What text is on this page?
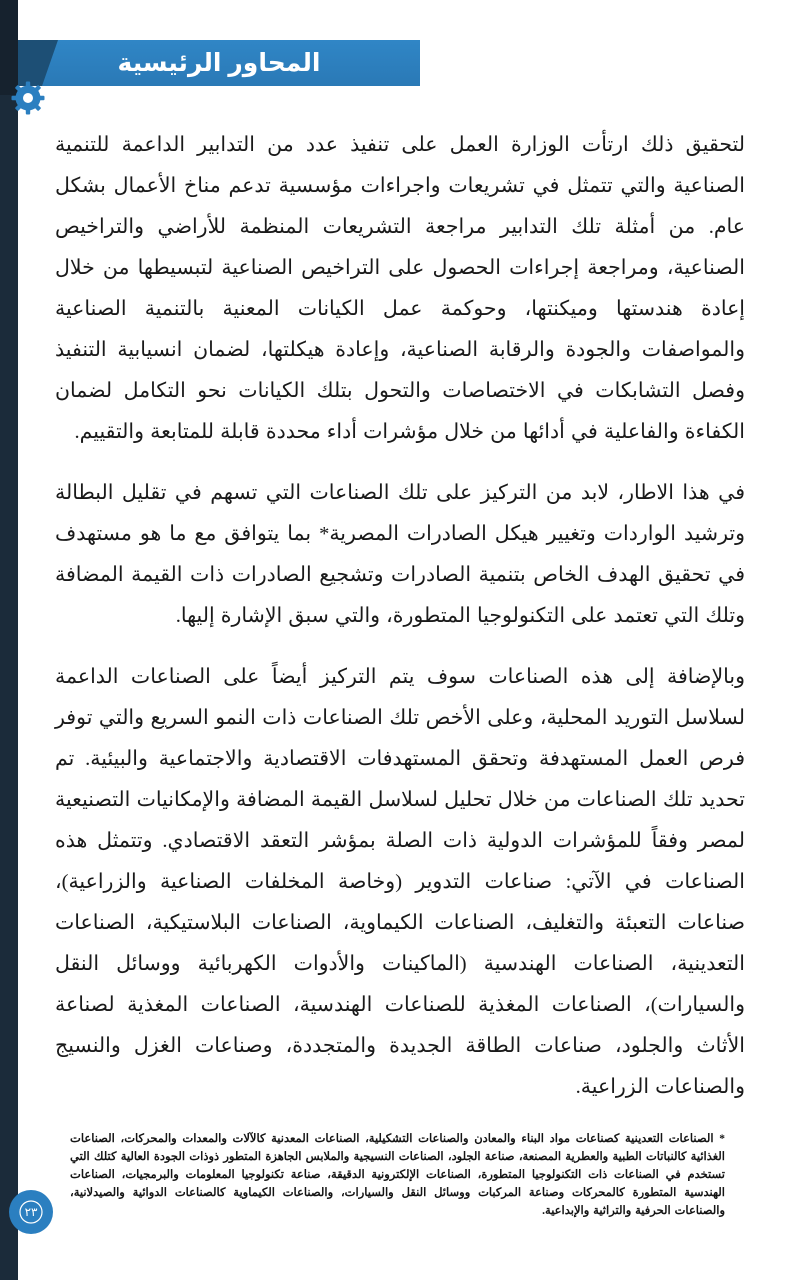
المحاور الرئيسية

لتحقيق ذلك ارتأت الوزارة العمل على تنفيذ عدد من التدابير الداعمة للتنمية الصناعية والتي تتمثل في تشريعات واجراءات مؤسسية تدعم مناخ الأعمال بشكل عام. من أمثلة تلك التدابير مراجعة التشريعات المنظمة للأراضي والتراخيص الصناعية، ومراجعة إجراءات الحصول على التراخيص الصناعية لتبسيطها من خلال إعادة هندستها وميكنتها، وحوكمة عمل الكيانات المعنية بالتنمية الصناعية والمواصفات والجودة والرقابة الصناعية، وإعادة هيكلتها، لضمان انسيابية التنفيذ وفصل التشابكات في الاختصاصات والتحول بتلك الكيانات نحو التكامل لضمان الكفاءة والفاعلية في أدائها من خلال مؤشرات أداء محددة قابلة للمتابعة والتقييم.

في هذا الاطار، لابد من التركيز على تلك الصناعات التي تسهم في تقليل البطالة وترشيد الواردات وتغيير هيكل الصادرات المصرية* بما يتوافق مع ما هو مستهدف في تحقيق الهدف الخاص بتنمية الصادرات وتشجيع الصادرات ذات القيمة المضافة وتلك التي تعتمد على التكنولوجيا المتطورة، والتي سبق الإشارة إليها.

وبالإضافة إلى هذه الصناعات سوف يتم التركيز أيضاً على الصناعات الداعمة لسلاسل التوريد المحلية، وعلى الأخص تلك الصناعات ذات النمو السريع والتي توفر فرص العمل المستهدفة وتحقق المستهدفات الاقتصادية والاجتماعية والبيئية. تم تحديد تلك الصناعات من خلال تحليل لسلاسل القيمة المضافة والإمكانيات التصنيعية لمصر وفقاً للمؤشرات الدولية ذات الصلة بمؤشر التعقد الاقتصادي. وتتمثل هذه الصناعات في الآتي: صناعات التدوير (وخاصة المخلفات الصناعية والزراعية)، صناعات التعبئة والتغليف، الصناعات الكيماوية، الصناعات البلاستيكية، الصناعات التعدينية، الصناعات الهندسية (الماكينات والأدوات الكهربائية ووسائل النقل والسيارات)، الصناعات المغذية للصناعات الهندسية، الصناعات المغذية لصناعة الأثاث والجلود، صناعات الطاقة الجديدة والمتجددة، وصناعات الغزل والنسيج والصناعات الزراعية.

* الصناعات التعدينية كصناعات مواد البناء والمعادن والصناعات التشكيلية، الصناعات المعدنية كالآلات والمعدات والمحركات، الصناعات الغذائية كالنباتات الطبية والعطرية المصنعة، صناعة الجلود، الصناعات النسيجية والملابس الجاهزة المتطور ذوذات الجودة العالية كتلك التي تستخدم في الصناعات ذات التكنولوجيا المتطورة، الصناعات الإلكترونية الدقيقة، صناعة تكنولوجيا المعلومات والبرمجيات، الصناعات الهندسية المتطورة كالمحركات وصناعة المركبات ووسائل النقل والسيارات، والصناعات الكيماوية كالصناعات الدوائية والصيدلانية، والصناعات الحرفية والتراثية والإبداعية.
٢٣
